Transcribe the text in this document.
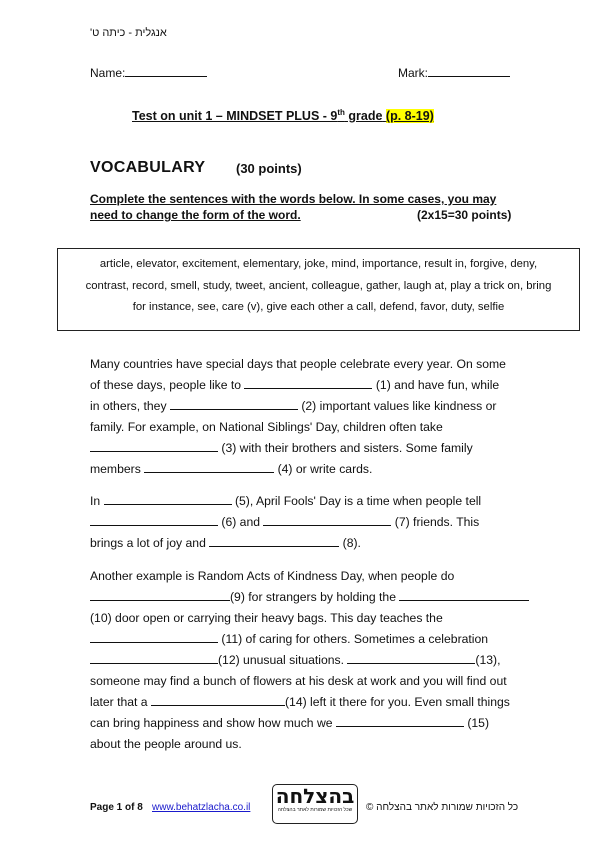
אנגלית - כיתה ט'
Name:	Mark:
Test on unit 1 – MINDSET PLUS - 9th grade (p. 8-19)
VOCABULARY (30 points)
Complete the sentences with the words below. In some cases, you may need to change the form of the word.	(2x15=30 points)
article, elevator, excitement, elementary, joke, mind, importance, result in, forgive, deny,
contrast, record, smell, study, tweet, ancient, colleague, gather, laugh at, play a trick on, bring
for instance, see, care (v), give each other a call, defend, favor, duty, selfie

Many countries have special days that people celebrate every year. On some

of these days, people like to	(1) and have fun, while

in others, they	(2) important values like kindness or

family. For example, on National Siblings' Day, children often take

(3) with their brothers and sisters. Some family

members	(4) or write cards.

In	(5), April Fools' Day is a time when people tell

(6) and	(7) friends. This

brings a lot of joy and	(8).

Another example is Random Acts of Kindness Day, when people do

(9) for strangers by holding the

(10) door open or carrying their heavy bags. This day teaches the

(11) of caring for others. Sometimes a celebration

(12) unusual situations.	(13),

someone may find a bunch of flowers at his desk at work and you will find out

later that a	(14) left it there for you. Even small things

can bring happiness and show how much we	(15)

about the people around us.

Page 1 of 8 www.behatzlacha.co.il בהצלחה
שכל הזכויות שמורות לאתר בהצלחה	כל הזכויות שמורות לאתר בהצלחה ©
